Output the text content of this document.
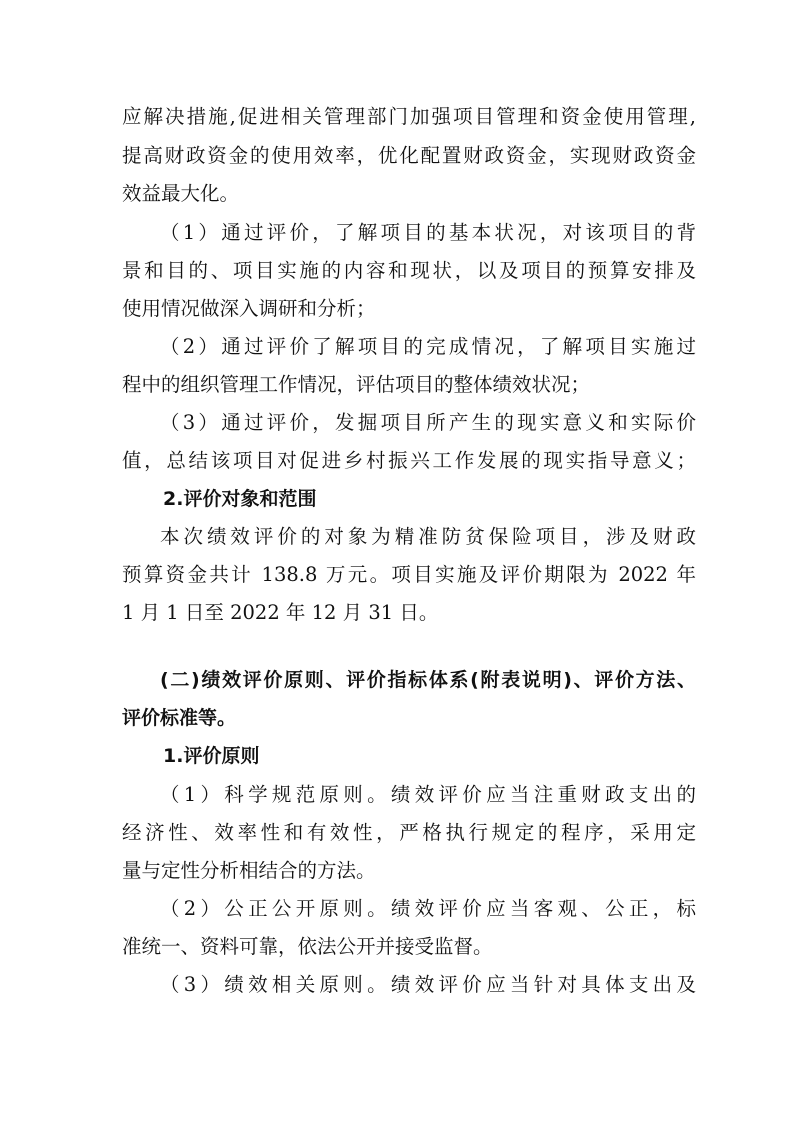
应解决措施,促进相关管理部门加强项目管理和资金使用管理,

提高财政资金的使用效率，优化配置财政资金，实现财政资金

效益最大化。

（1）通过评价，了解项目的基本状况，对该项目的背

景和目的、项目实施的内容和现状，以及项目的预算安排及

使用情况做深入调研和分析；

（2）通过评价了解项目的完成情况，了解项目实施过

程中的组织管理工作情况，评估项目的整体绩效状况；

（3）通过评价，发掘项目所产生的现实意义和实际价

值，总结该项目对促进乡村振兴工作发展的现实指导意义；

2.评价对象和范围

本次绩效评价的对象为精准防贫保险项目，涉及财政

预算资金共计 138.8 万元。项目实施及评价期限为 2022 年

1 月 1 日至 2022 年 12 月 31 日。

(二)绩效评价原则、评价指标体系(附表说明)、评价方法、

评价标准等。

1.评价原则

（1）科学规范原则。绩效评价应当注重财政支出的

经济性、效率性和有效性，严格执行规定的程序，采用定

量与定性分析相结合的方法。

（2）公正公开原则。绩效评价应当客观、公正，标

准统一、资料可靠，依法公开并接受监督。

（3）绩效相关原则。绩效评价应当针对具体支出及
